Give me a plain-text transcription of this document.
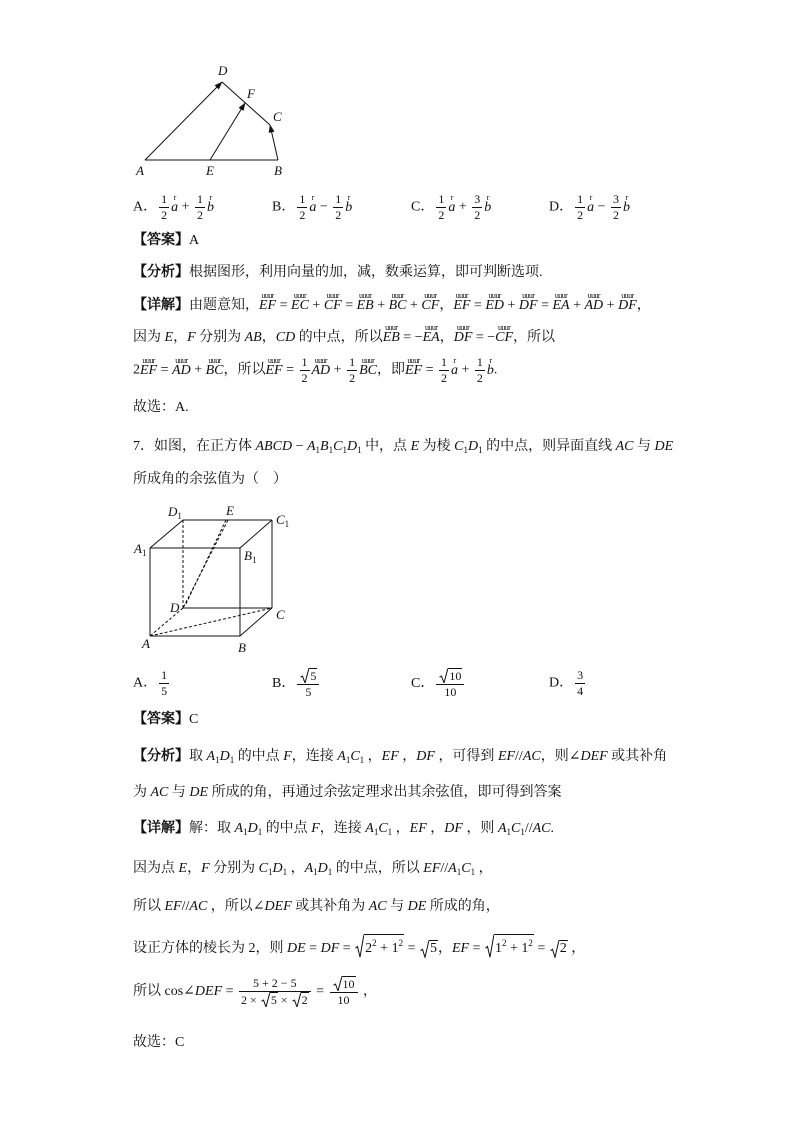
D
F
C
A	E	B
A． $\frac{1}{2}$ r
$a + \frac{1}{2}$ r
b	B． $\frac{1}{2}$ r
$a - \frac{1}{2}$ r
b	C． $\frac{1}{2}$ r
$a + \frac{3}{2}$ r
b	D． $\frac{1}{2}$ r
$a - \frac{3}{2}$ r
b
【答案】A
【分析】根据图形，利用向量的加，减，数乘运算，即可判断选项.
【详解】由题意知，
uuur
EF =
uuur
EC +
uuur
CF =
uuur
EB +
uuur
BC +
uuur
CF，
uuur
EF =
uuur
ED +
uuur
DF =
uuur
EA +
uuur
AD +
uuur
DF，
因为 E，F 分别为 AB，CD 的中点，所以
uuur
EB = −
uuur
EA，
uuur
DF = −
uuur
CF，所以
2
uuur
EF =
uuur
AD +
uuur
BC，所以
uuur
EF = $\frac{1}{2}$ uuur
AD + $\frac{1}{2}$ uuur
BC，即
uuur
EF = $\frac{1}{2}$ r
$a + \frac{1}{2}$ r
b.
故选：A.
7．如图，在正方体 ABCD − $A_1B_1C_1D_1$ 中，点 E 为棱 $C_1D_1$ 的中点，则异面直线 AC 与 DE
所成角的余弦值为（　）
$D_1$	E
$C_1$
$A_1$	$B_1$
D	C
A	B
A． $\frac{1}{5}$	B． $\frac{5}{5}$	C． $\frac{10}{10}$	D． $\frac{3}{4}$
【答案】C
【分析】取 $A_1D_1$ 的中点 F，连接 $A_1C_1$ ，EF ，DF ，可得到 EF//AC，则∠DEF 或其补角
为 AC 与 DE 所成的角，再通过余弦定理求出其余弦值，即可得到答案
【详解】解：取 $A_1D_1$ 的中点 F，连接 $A_1C_1$ ，EF ，DF ，则 $A_1C_1//AC$.
因为点 E，F 分别为 $C_1D_1$ ，$A_1D_1$ 的中点，所以 $EF//A_1C_1$ ，
所以 EF//AC ，所以∠DEF 或其补角为 AC 与 DE 所成的角，
设正方体的棱长为 2，则 DE = DF =
$2^2 + 1^2$ =
5，EF =
$1^2 + 1^2$ =
2 ，
所以 cos∠DEF = 5 + 2 − 5
2 ×
5 ×
$2 = \frac{10}{10}$ ，
故选：C
